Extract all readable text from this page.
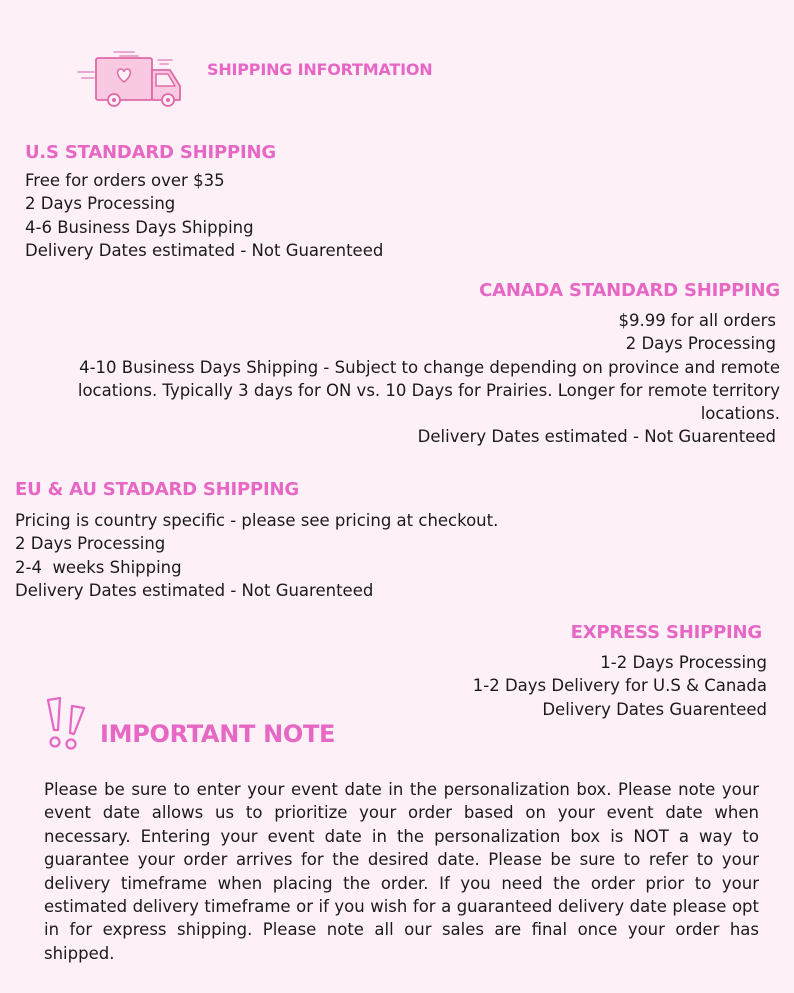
SHIPPING INFORTMATION
U.S STANDARD SHIPPING
Free for orders over $35
2 Days Processing
4-6 Business Days Shipping
Delivery Dates estimated - Not Guarenteed
CANADA STANDARD SHIPPING
$9.99 for all orders
2 Days Processing
4-10 Business Days Shipping - Subject to change depending on province and remote locations. Typically 3 days for ON vs. 10 Days for Prairies. Longer for remote territory locations.
Delivery Dates estimated - Not Guarenteed
EU & AU STADARD SHIPPING
Pricing is country specific - please see pricing at checkout.
2 Days Processing
2-4  weeks Shipping
Delivery Dates estimated - Not Guarenteed
EXPRESS SHIPPING
1-2 Days Processing
1-2 Days Delivery for U.S & Canada
Delivery Dates Guarenteed
IMPORTANT NOTE

Please be sure to enter your event date in the personalization box. Please note your event date allows us to prioritize your order based on your event date when necessary. Entering your event date in the personalization box is NOT a way to guarantee your order arrives for the desired date. Please be sure to refer to your delivery timeframe when placing the order. If you need the order prior to your estimated delivery timeframe or if you wish for a guaranteed delivery date please opt in for express shipping. Please note all our sales are final once your order has shipped.
